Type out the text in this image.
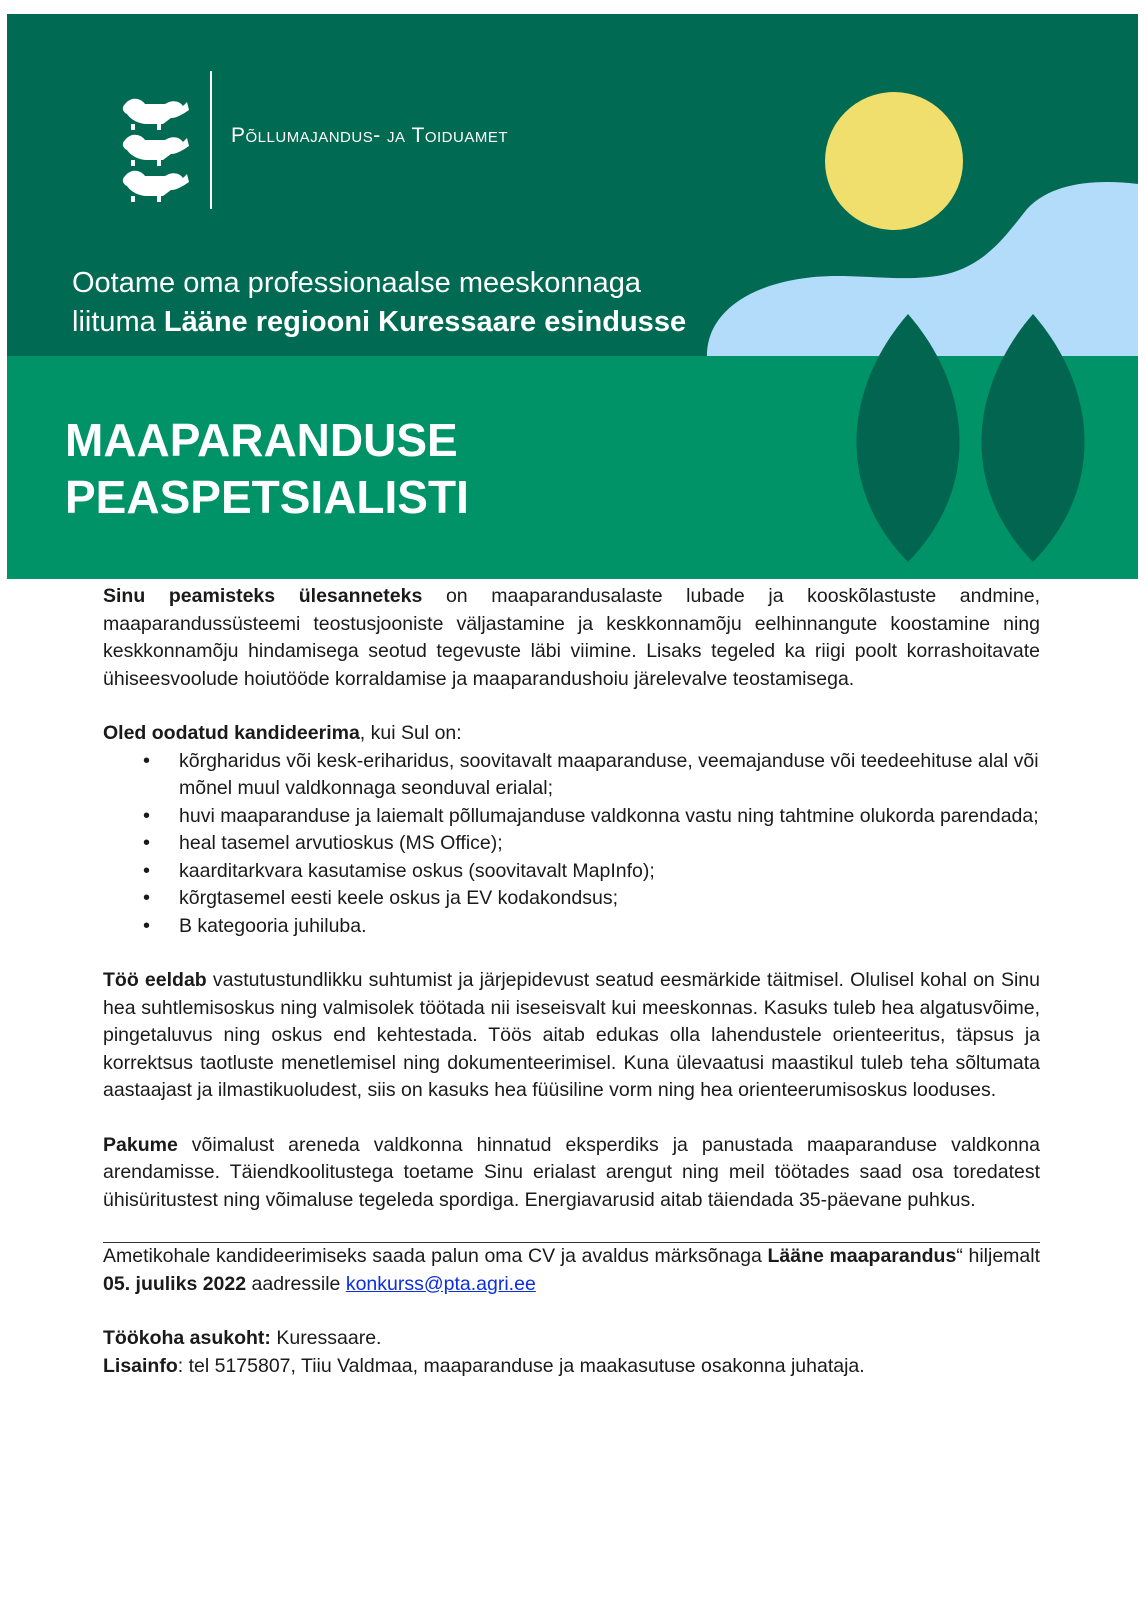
Põllumajandus- ja Toiduamet
Ootame oma professionaalse meeskonnaga
liituma Lääne regiooni Kuressaare esindusse
MAAPARANDUSE
PEASPETSIALISTI

Sinu peamisteks ülesanneteks on maaparandusalaste lubade ja kooskõlastuste andmine, maaparandussüsteemi teostusjooniste väljastamine ja keskkonnamõju eelhinnangute koostamine ning keskkonnamõju hindamisega seotud tegevuste läbi viimine. Lisaks tegeled ka riigi poolt korrashoitavate ühiseesvoolude hoiutööde korraldamise ja maaparandushoiu järelevalve teostamisega.

Oled oodatud kandideerima, kui Sul on:

• kõrgharidus või kesk-eriharidus, soovitavalt maaparanduse, veemajanduse või teedeehituse alal või mõnel muul valdkonnaga seonduval erialal;
• huvi maaparanduse ja laiemalt põllumajanduse valdkonna vastu ning tahtmine olukorda parendada;
• heal tasemel arvutioskus (MS Office);
• kaarditarkvara kasutamise oskus (soovitavalt MapInfo);
• kõrgtasemel eesti keele oskus ja EV kodakondsus;
• B kategooria juhiluba.

Töö eeldab vastutustundlikku suhtumist ja järjepidevust seatud eesmärkide täitmisel. Olulisel kohal on Sinu hea suhtlemisoskus ning valmisolek töötada nii iseseisvalt kui meeskonnas. Kasuks tuleb hea algatusvõime, pingetaluvus ning oskus end kehtestada. Töös aitab edukas olla lahendustele orienteeritus, täpsus ja korrektsus taotluste menetlemisel ning dokumenteerimisel. Kuna ülevaatusi maastikul tuleb teha sõltumata aastaajast ja ilmastikuoludest, siis on kasuks hea füüsiline vorm ning hea orienteerumisoskus looduses.

Pakume võimalust areneda valdkonna hinnatud eksperdiks ja panustada maaparanduse valdkonna arendamisse. Täiendkoolitustega toetame Sinu erialast arengut ning meil töötades saad osa toredatest ühisüritustest ning võimaluse tegeleda spordiga. Energiavarusid aitab täiendada 35-päevane puhkus.

Ametikohale kandideerimiseks saada palun oma CV ja avaldus märksõnaga Lääne maaparandus“ hiljemalt 05. juuliks 2022 aadressile konkurss@pta.agri.ee

Töökoha asukoht: Kuressaare.

Lisainfo: tel 5175807, Tiiu Valdmaa, maaparanduse ja maakasutuse osakonna juhataja.
